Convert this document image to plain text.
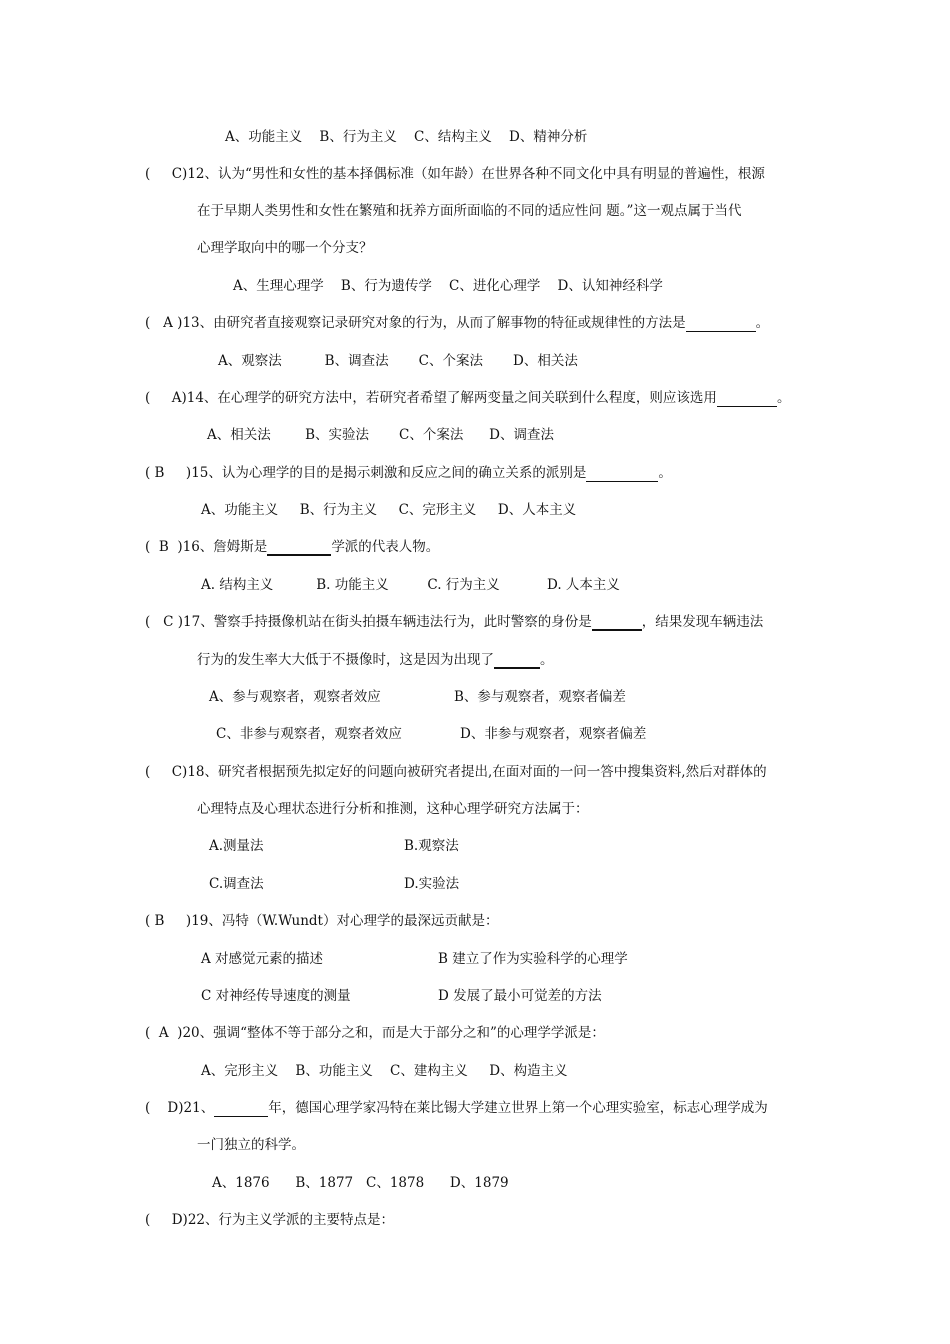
A、功能主义    B、行为主义    C、结构主义    D、精神分析
(     C)12、认为“男性和女性的基本择偶标准（如年龄）在世界各种不同文化中具有明显的普遍性，根源
在于早期人类男性和女性在繁殖和抚养方面所面临的不同的适应性问 题。”这一观点属于当代
心理学取向中的哪一个分支？
A、生理心理学    B、行为遗传学    C、进化心理学    D、认知神经科学
(   A )13、由研究者直接观察记录研究对象的行为，从而了解事物的特征或规律性的方法是	。
A、观察法          B、调查法       C、个案法       D、相关法
(     A)14、在心理学的研究方法中，若研究者希望了解两变量之间关联到什么程度，则应该选用	。
A、相关法        B、实验法       C、个案法      D、调查法
( B     )15、认为心理学的目的是揭示刺激和反应之间的确立关系的派别是	。
A、功能主义     B、行为主义     C、完形主义     D、人本主义
(  B  )16、詹姆斯是	学派的代表人物。
A. 结构主义          B. 功能主义         C. 行为主义           D. 人本主义
(   C )17、警察手持摄像机站在街头拍摄车辆违法行为，此时警察的身份是	，结果发现车辆违法
行为的发生率大大低于不摄像时，这是因为出现了	。
A、参与观察者，观察者效应	B、参与观察者，观察者偏差
C、非参与观察者，观察者效应	D、非参与观察者，观察者偏差
(     C)18、研究者根据预先拟定好的问题向被研究者提出,在面对面的一问一答中搜集资料,然后对群体的
心理特点及心理状态进行分析和推测，这种心理学研究方法属于：
A.测量法	B.观察法
C.调查法	D.实验法
( B     )19、冯特（W.Wundt）对心理学的最深远贡献是：
A 对感觉元素的描述	B 建立了作为实验科学的心理学
C 对神经传导速度的测量	D 发展了最小可觉差的方法
(  A  )20、强调“整体不等于部分之和，而是大于部分之和”的心理学学派是：
A、完形主义    B、功能主义    C、建构主义     D、构造主义
(    D)21、	年，德国心理学家冯特在莱比锡大学建立世界上第一个心理实验室，标志心理学成为
一门独立的科学。
A、1876      B、1877   C、1878      D、1879
(     D)22、行为主义学派的主要特点是：
